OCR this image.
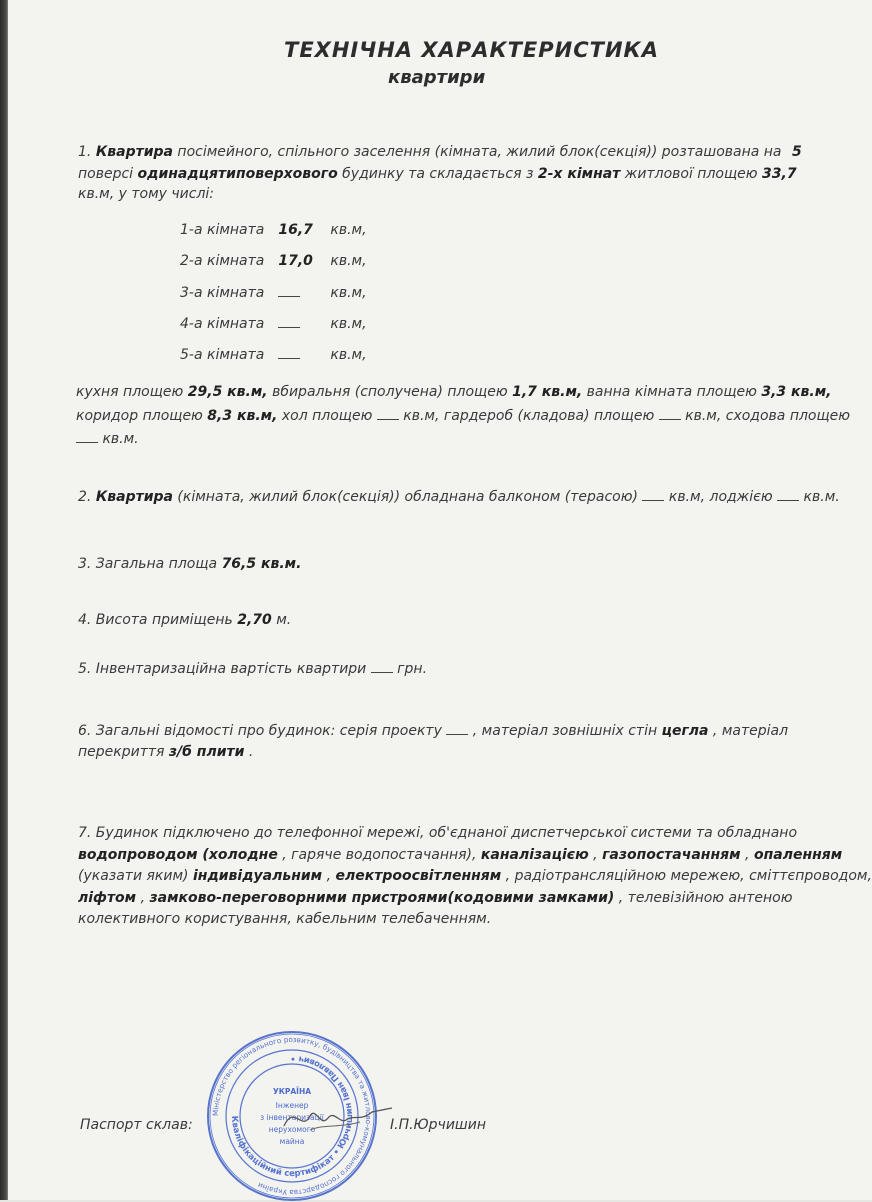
ТЕХНІЧНА ХАРАКТЕРИСТИКА
квартири
1. Квартира посімейного, спільного заселення (кімната, жилий блок(секція)) розташована на 5
поверсі одинадцятиповерхового будинку та складається з 2-х кімнат житлової площею 33,7
кв.м, у тому числі:
1-а кімната 16,7 кв.м,
2-а кімната 17,0 кв.м,
3-а кімната	кв.м,
4-а кімната	кв.м,
5-а кімната	кв.м,
кухня площею 29,5 кв.м, вбиральня (сполучена) площею 1,7 кв.м, ванна кімната площею 3,3 кв.м,
коридор площею 8,3 кв.м, хол площею  кв.м, гардероб (кладова) площею  кв.м, сходова площею
кв.м.
2. Квартира (кімната, жилий блок(секція)) обладнана балконом (терасою)  кв.м, лоджією  кв.м.
3. Загальна площа 76,5 кв.м.
4. Висота приміщень 2,70 м.
5. Інвентаризаційна вартість квартири  грн.
6. Загальні відомості про будинок: серія проекту  , матеріал зовнішніх стін цегла , матеріал
перекриття з/б плити .
7. Будинок підключено до телефонної мережі, об'єднаної диспетчерської системи та обладнано
водопроводом (холодне , гаряче водопостачання), каналізацією , газопостачанням , опаленням
(указати яким) індивідуальним , електроосвітленням , радіотрансляційною мережею, сміттєпроводом,
ліфтом , замково-переговорними пристроями(кодовими замками) , телевізійною антеною
колективного користування, кабельним телебаченням.
Паспорт склав:	І.П.Юрчишин
Міністерство регіонального розвитку, будівництва та житлово-комунального господарства України
Кваліфікаційний сертифікат • Юрчишин Іван Павлович •
УКРАЇНА
Інженер
з інвентаризації
нерухомого
майна
